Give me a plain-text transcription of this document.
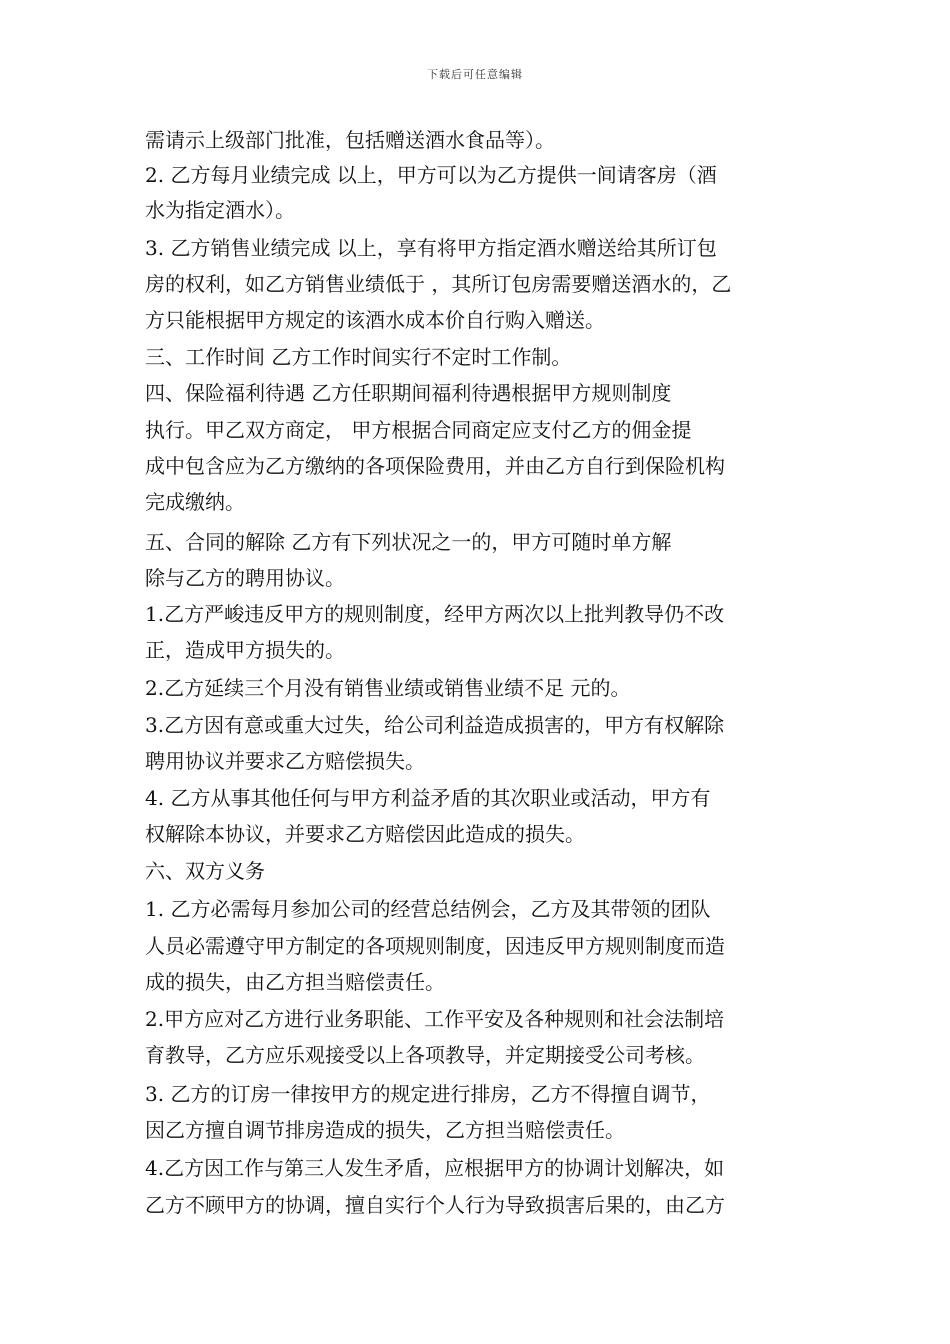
下载后可任意编辑
需请示上级部门批准，包括赠送酒水食品等）。
2. 乙方每月业绩完成 以上，甲方可以为乙方提供一间请客房（酒
水为指定酒水）。
3. 乙方销售业绩完成 以上，享有将甲方指定酒水赠送给其所订包
房的权利，如乙方销售业绩低于 ，其所订包房需要赠送酒水的，乙
方只能根据甲方规定的该酒水成本价自行购入赠送。
三、工作时间 乙方工作时间实行不定时工作制。
四、保险福利待遇 乙方任职期间福利待遇根据甲方规则制度
执行。甲乙双方商定， 甲方根据合同商定应支付乙方的佣金提
成中包含应为乙方缴纳的各项保险费用，并由乙方自行到保险机构
完成缴纳。
五、合同的解除 乙方有下列状况之一的，甲方可随时单方解
除与乙方的聘用协议。
1.乙方严峻违反甲方的规则制度，经甲方两次以上批判教导仍不改
正，造成甲方损失的。
2.乙方延续三个月没有销售业绩或销售业绩不足 元的。
3.乙方因有意或重大过失，给公司利益造成损害的，甲方有权解除
聘用协议并要求乙方赔偿损失。
4. 乙方从事其他任何与甲方利益矛盾的其次职业或活动，甲方有
权解除本协议，并要求乙方赔偿因此造成的损失。
六、双方义务
1. 乙方必需每月参加公司的经营总结例会，乙方及其带领的团队
人员必需遵守甲方制定的各项规则制度，因违反甲方规则制度而造
成的损失，由乙方担当赔偿责任。
2.甲方应对乙方进行业务职能、工作平安及各种规则和社会法制培
育教导，乙方应乐观接受以上各项教导，并定期接受公司考核。
3. 乙方的订房一律按甲方的规定进行排房，乙方不得擅自调节，
因乙方擅自调节排房造成的损失，乙方担当赔偿责任。
4.乙方因工作与第三人发生矛盾，应根据甲方的协调计划解决，如
乙方不顾甲方的协调，擅自实行个人行为导致损害后果的，由乙方
